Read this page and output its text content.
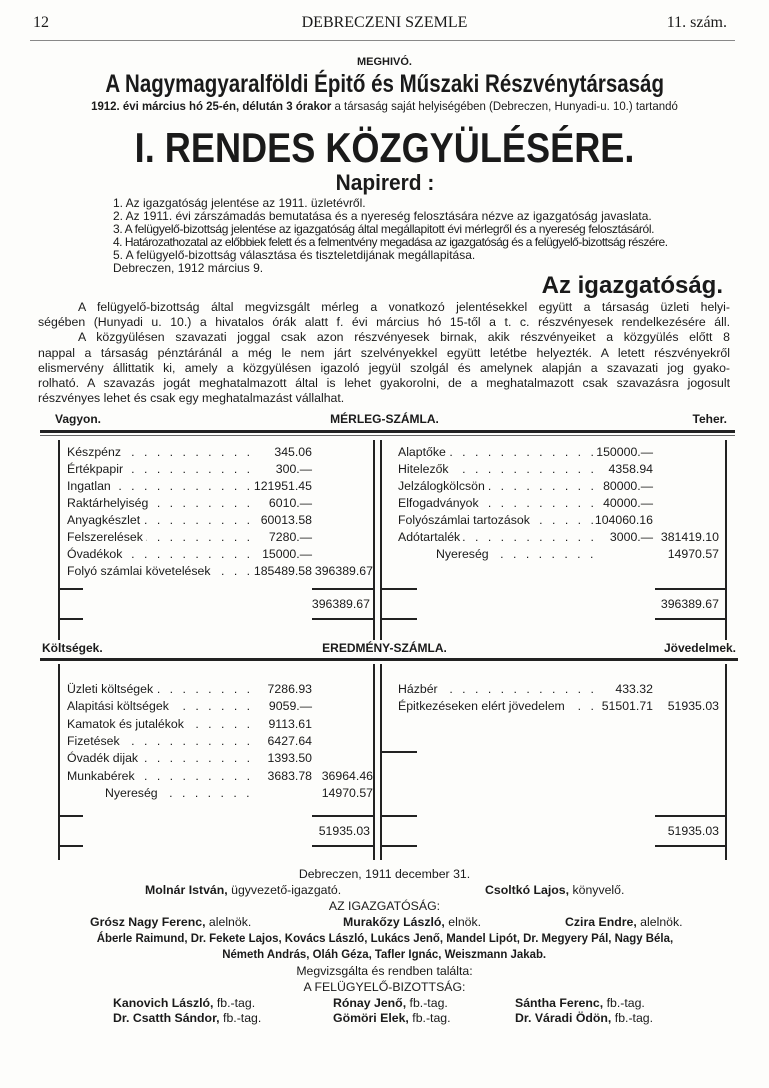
12	DEBRECZENI SZEMLE	11. szám.
MEGHIVÓ.
A Nagymagyaralföldi Épitő és Műszaki Részvénytársaság
1912. évi március hó 25-én, délután 3 órakor a társaság saját helyiségében (Debreczen, Hunyadi-u. 10.) tartandó
I. RENDES KÖZGYÜLÉSÉRE.
Napirerd :
1. Az igazgatóság jelentése az 1911. üzletévről.
2. Az 1911. évi zárszámadás bemutatása és a nyereség felosztására nézve az igazgatóság javaslata.
3. A felügyelő-bizottság jelentése az igazgatóság által megállapitott évi mérlegről és a nyereség felosztásáról.
4. Határozathozatal az előbbiek felett és a felmentvény megadása az igazgatóság és a felügyelő-bizottság részére.
5. A felügyelő-bizottság választása és tiszteletdijának megállapitása.
Debreczen, 1912 március 9.
Az igazgatóság.
A felügyelő-bizottság által megvizsgált mérleg a vonatkozó jelentésekkel együtt a társaság üzleti helyi-
ségében (Hunyadi u. 10.) a hivatalos órák alatt f. évi március hó 15-től a t. c. részvényesek rendelkezésére áll.
A közgyülésen szavazati joggal csak azon részvényesek birnak, akik részvényeiket a közgyülés előtt 8
nappal a társaság pénztáránál a még le nem járt szelvényekkel együtt letétbe helyezték. A letett részvényekről
elismervény állittatik ki, amely a közgyülésen igazoló jegyül szolgál és amelynek alapján a szavazati jog gyako-
rolható. A szavazás jogát meghatalmazott által is lehet gyakorolni, de a meghatalmazott csak szavazásra jogosult
részvényes lehet és csak egy meghatalmazást vállalhat.
Vagyon.	MÉRLEG-SZÁMLA.	Teher.
Készpénz . . .	345.06
Értékpapir . . .	300.—
Ingatlan . . .	121951.45
Raktárhelyiség . . .	6010.—
Anyagkészlet . . .	60013.58
Felszerelések . . .	7280.—
Óvadékok . . .	15000.—
Folyó számlai követelések . . .	185489.58 396389.67
Alaptőke . . .	150000.—
Hitelezők . . .	4358.94
Jelzálogkölcsön . . .	80000.—
Elfogadványok . . .	40000.—
Folyószámlai tartozások . . .	104060.16
Adótartalék . . .	3000.— 381419.10
Nyereség . . .	14970.57
396389.67	396389.67
Költségek.	EREDMÉNY-SZÁMLA.	Jövedelmek.
Üzleti költségek . . .	7286.93
Alapitási költségek . . .	9059.—
Kamatok és jutalékok . . .	9113.61
Fizetések . . .	6427.64
Óvadék dijak . . .	1393.50
Munkabérek . . .	3683.78 36964.46
Nyereség . . .	14970.57
Házbér . . .	433.32
Épitkezéseken elért jövedelem . . .	51501.71	51935.03
51935.03	51935.03
Debreczen, 1911 december 31.
Molnár István, ügyvezető-igazgató.	Csoltkó Lajos, könyvelő.
AZ IGAZGATÓSÁG:
Grósz Nagy Ferenc, alelnök.	Murakőzy László, elnök.	Czira Endre, alelnök.
Áberle Raimund, Dr. Fekete Lajos, Kovács László, Lukács Jenő, Mandel Lipót, Dr. Megyery Pál, Nagy Béla,
Németh András, Oláh Géza, Tafler Ignác, Weiszmann Jakab.
Megvizsgálta és rendben találta:
A FELÜGYELŐ-BIZOTTSÁG:
Kanovich László, fb.-tag.	Rónay Jenő, fb.-tag.	Sántha Ferenc, fb.-tag.
Dr. Csatth Sándor, fb.-tag.	Gömöri Elek, fb.-tag.	Dr. Váradi Ödön, fb.-tag.
